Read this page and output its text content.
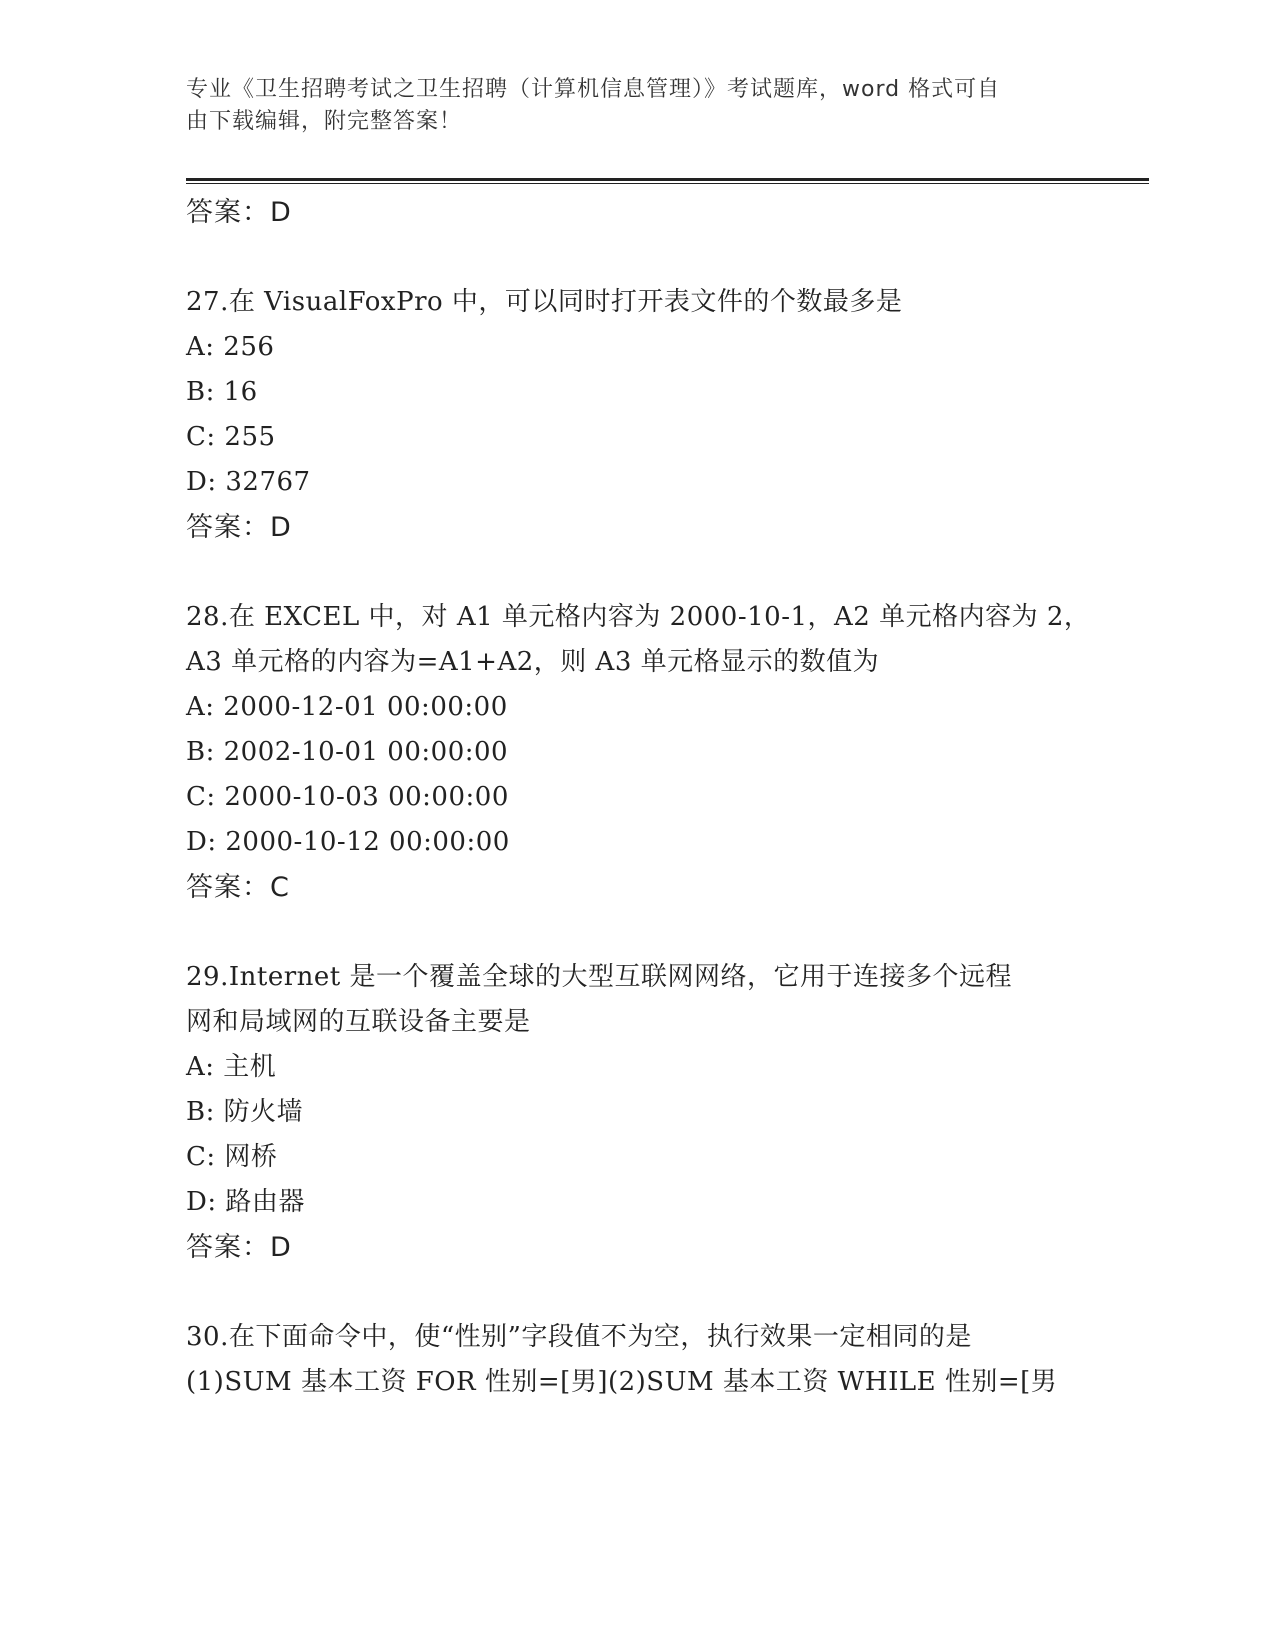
专业《卫生招聘考试之卫生招聘（计算机信息管理）》考试题库，word 格式可自
由下载编辑，附完整答案！
答案：D
27.在 VisualFoxPro 中，可以同时打开表文件的个数最多是
A: 256
B: 16
C: 255
D: 32767
答案：D
28.在 EXCEL 中，对 A1 单元格内容为 2000-10-1，A2 单元格内容为 2，
A3 单元格的内容为=A1+A2，则 A3 单元格显示的数值为
A: 2000-12-01 00:00:00
B: 2002-10-01 00:00:00
C: 2000-10-03 00:00:00
D: 2000-10-12 00:00:00
答案：C
29.Internet 是一个覆盖全球的大型互联网网络，它用于连接多个远程
网和局域网的互联设备主要是
A: 主机
B: 防火墙
C: 网桥
D: 路由器
答案：D
30.在下面命令中，使“性别”字段值不为空，执行效果一定相同的是
(1)SUM 基本工资 FOR 性别=[男](2)SUM 基本工资 WHILE 性别=[男
